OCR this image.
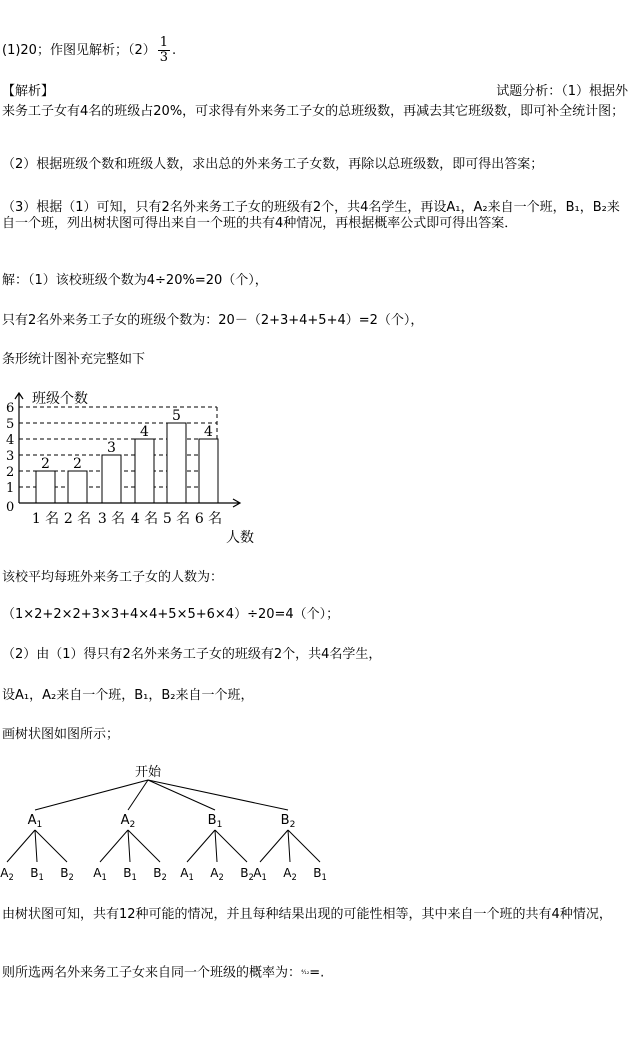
(1)20；作图见解析；$(2) \frac{1}{3}$ .
【解析】	试题分析：（1）根据外
来务工子女有4名的班级占20%，可求得有外来务工子女的总班级数，再减去其它班级数，即可补全统计图；
（2）根据班级个数和班级人数，求出总的外来务工子女数，再除以总班级数，即可得出答案；
（3）根据（1）可知，只有2名外来务工子女的班级有2个，共4名学生，再设A₁，A₂来自一个班，B₁，B₂来自一个班，列出树状图可得出来自一个班的共有4种情况，再根据概率公式即可得出答案．
解：（1）该校班级个数为4÷20%=20（个），
只有2名外来务工子女的班级个数为：20－（2+3+4+5+4）=2（个），
条形统计图补充完整如下
班级个数
人数
0
1
2
3
4
5
6
1 名 2 名 3 名 4 名 5 名 6 名
2 2
3
4
5
4
该校平均每班外来务工子女的人数为：
（1×2+2×2+3×3+4×4+5×5+6×4）÷20=4（个）；
（2）由（1）得只有2名外来务工子女的班级有2个，共4名学生，
设A₁，A₂来自一个班，B₁，B₂来自一个班，
画树状图如图所示；
开始
$A_1$
$A_2$ $B_1$ $B_2$
$A_2$
$A_1$ $B_1$ $B_2$
$B_1$
$A_1$ $A_2$ $B_2$
$B_2$
$A_1$ $A_2$ $B_1$
由树状图可知，共有12种可能的情况，并且每种结果出现的可能性相等，其中来自一个班的共有4种情况，
则所选两名外来务工子女来自同一个班级的概率为：⁴⁄₁₂=.
